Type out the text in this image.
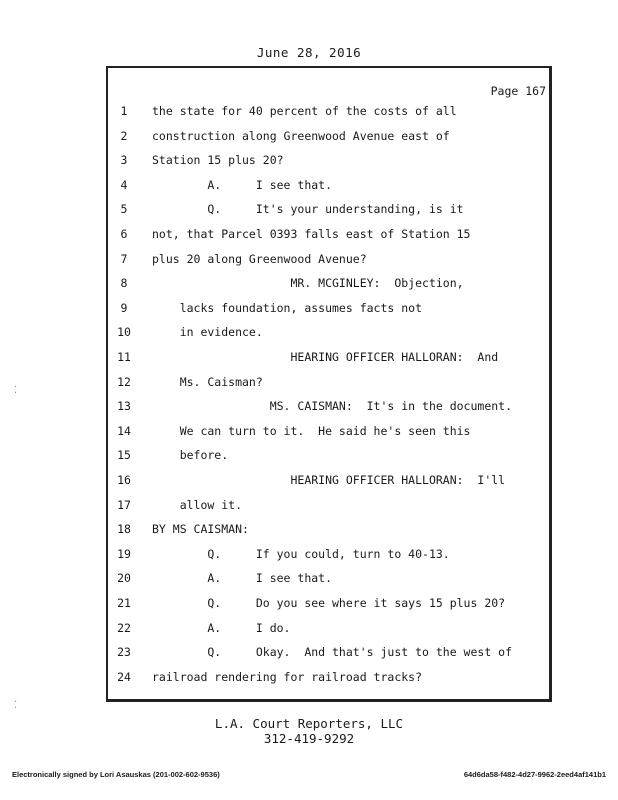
June 28, 2016
Page 167
1	the state for 40 percent of the costs of all
2	construction along Greenwood Avenue east of
3	Station 15 plus 20?
4	A.     I see that.
5	Q.     It's your understanding, is it
6	not, that Parcel 0393 falls east of Station 15
7	plus 20 along Greenwood Avenue?
8	MR. MCGINLEY:  Objection,
9	lacks foundation, assumes facts not
10	in evidence.
11	HEARING OFFICER HALLORAN:  And
12	Ms. Caisman?
13	MS. CAISMAN:  It's in the document.
14	We can turn to it.  He said he's seen this
15	before.
16	HEARING OFFICER HALLORAN:  I'll
17	allow it.
18	BY MS CAISMAN:
19	Q.     If you could, turn to 40-13.
20	A.     I see that.
21	Q.     Do you see where it says 15 plus 20?
22	A.     I do.
23	Q.     Okay.  And that's just to the west of
24	railroad rendering for railroad tracks?
L.A. Court Reporters, LLC
312-419-9292
Electronically signed by Lori Asauskas (201-002-602-9536)	64d6da58-f482-4d27-9962-2eed4af141b1
⁚
⁚
